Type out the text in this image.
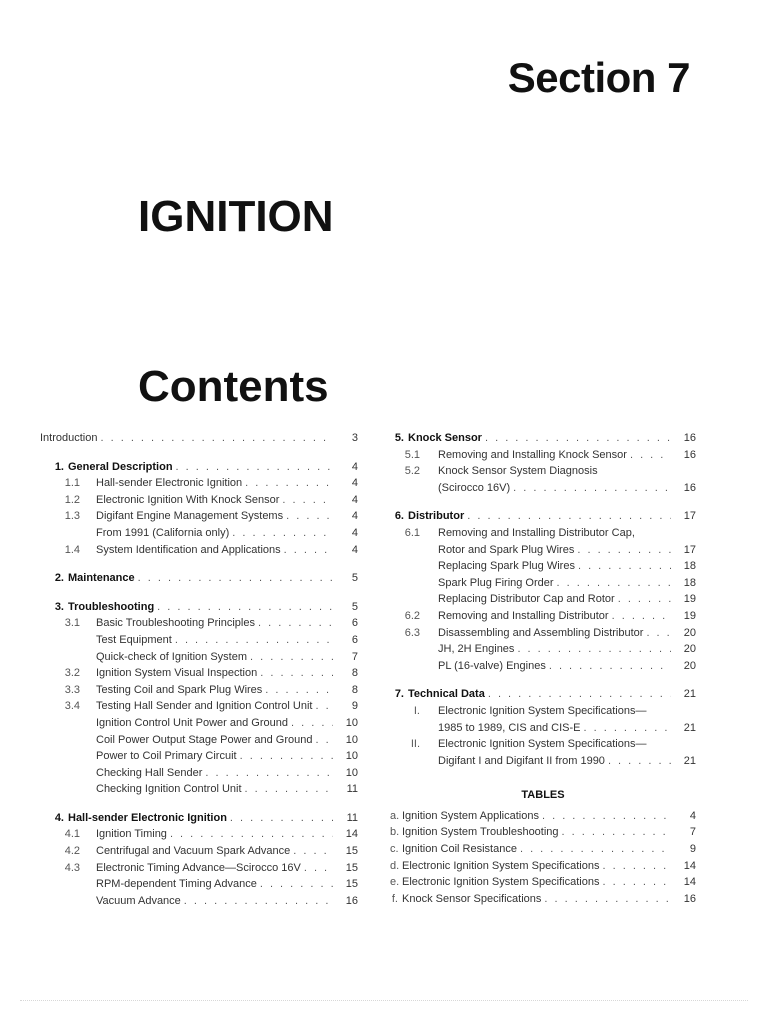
Section 7
IGNITION
Contents
Introduction . . .	3
1. General Description . . .	4
1.1 Hall-sender Electronic Ignition . . .	4
1.2 Electronic Ignition With Knock Sensor . . .	4
1.3 Digifant Engine Management Systems . . .	4
From 1991 (California only) . . .	4
1.4 System Identification and Applications . . .	4
2. Maintenance . . .	5
3. Troubleshooting . . .	5
3.1 Basic Troubleshooting Principles . . .	6
Test Equipment . . .	6
Quick-check of Ignition System . . .	7
3.2 Ignition System Visual Inspection . . .	8
3.3 Testing Coil and Spark Plug Wires . . .	8
3.4 Testing Hall Sender and Ignition Control Unit . . .	9
Ignition Control Unit Power and Ground . . .	10
Coil Power Output Stage Power and Ground . . .	10
Power to Coil Primary Circuit . . .	10
Checking Hall Sender . . .	10
Checking Ignition Control Unit . . .	11
4. Hall-sender Electronic Ignition . . .	11
4.1 Ignition Timing . . .	14
4.2 Centrifugal and Vacuum Spark Advance . . .	15
4.3 Electronic Timing Advance—Scirocco 16V . . .	15
RPM-dependent Timing Advance . . .	15
Vacuum Advance . . .	16
5. Knock Sensor . . .	16
5.1 Removing and Installing Knock Sensor . . .	16
5.2 Knock Sensor System Diagnosis
(Scirocco 16V) . . .	16
6. Distributor . . .	17
6.1 Removing and Installing Distributor Cap,
Rotor and Spark Plug Wires . . .	17
Replacing Spark Plug Wires . . .	18
Spark Plug Firing Order . . .	18
Replacing Distributor Cap and Rotor . . .	19
6.2 Removing and Installing Distributor . . .	19
6.3 Disassembling and Assembling Distributor . . .	20
JH, 2H Engines . . .	20
PL (16-valve) Engines . . .	20
7. Technical Data . . .	21
I. Electronic Ignition System Specifications—
1985 to 1989, CIS and CIS-E . . .	21
II. Electronic Ignition System Specifications—
Digifant I and Digifant II from 1990 . . .	21
TABLES
a. Ignition System Applications . . .	4
b. Ignition System Troubleshooting . . .	7
c. Ignition Coil Resistance . . .	9
d. Electronic Ignition System Specifications . . .	14
e. Electronic Ignition System Specifications . . .	14
f. Knock Sensor Specifications . . .	16
